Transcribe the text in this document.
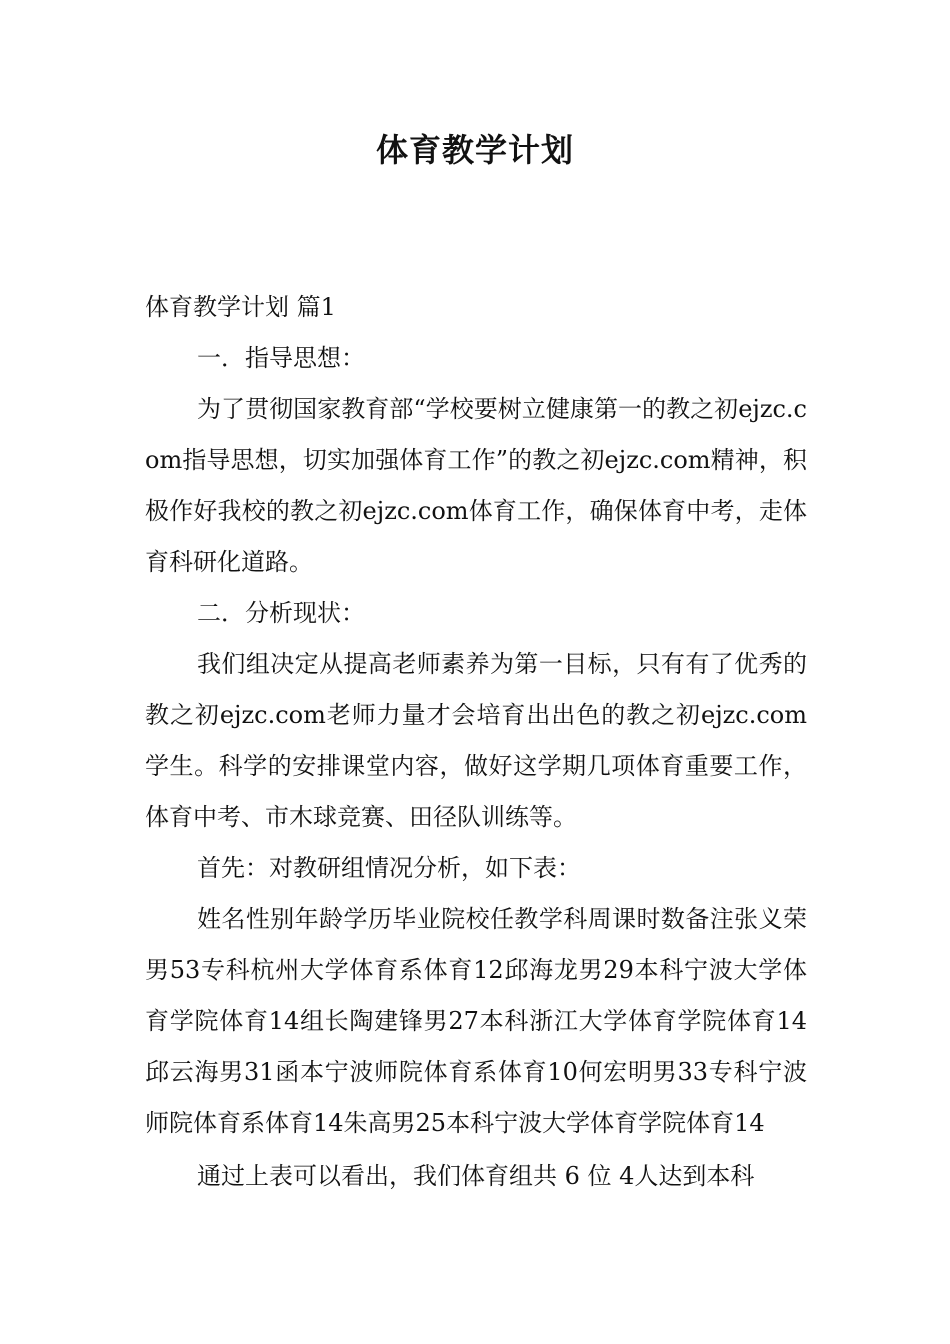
体育教学计划

体育教学计划 篇1

一．指导思想：

为了贯彻国家教育部“学校要树立健康第一的教之初ejzc.com指导思想，切实加强体育工作”的教之初ejzc.com精神，积极作好我校的教之初ejzc.com体育工作，确保体育中考，走体育科研化道路。

二．分析现状：

我们组决定从提高老师素养为第一目标，只有有了优秀的教之初ejzc.com老师力量才会培育出出色的教之初ejzc.com学生。科学的安排课堂内容，做好这学期几项体育重要工作，体育中考、市木球竞赛、田径队训练等。

首先：对教研组情况分析，如下表：

姓名性别年龄学历毕业院校任教学科周课时数备注张义荣男53专科杭州大学体育系体育12邱海龙男29本科宁波大学体育学院体育14组长陶建锋男27本科浙江大学体育学院体育14邱云海男31函本宁波师院体育系体育10何宏明男33专科宁波师院体育系体育14朱高男25本科宁波大学体育学院体育14

通过上表可以看出，我们体育组共 6 位 4人达到本科
